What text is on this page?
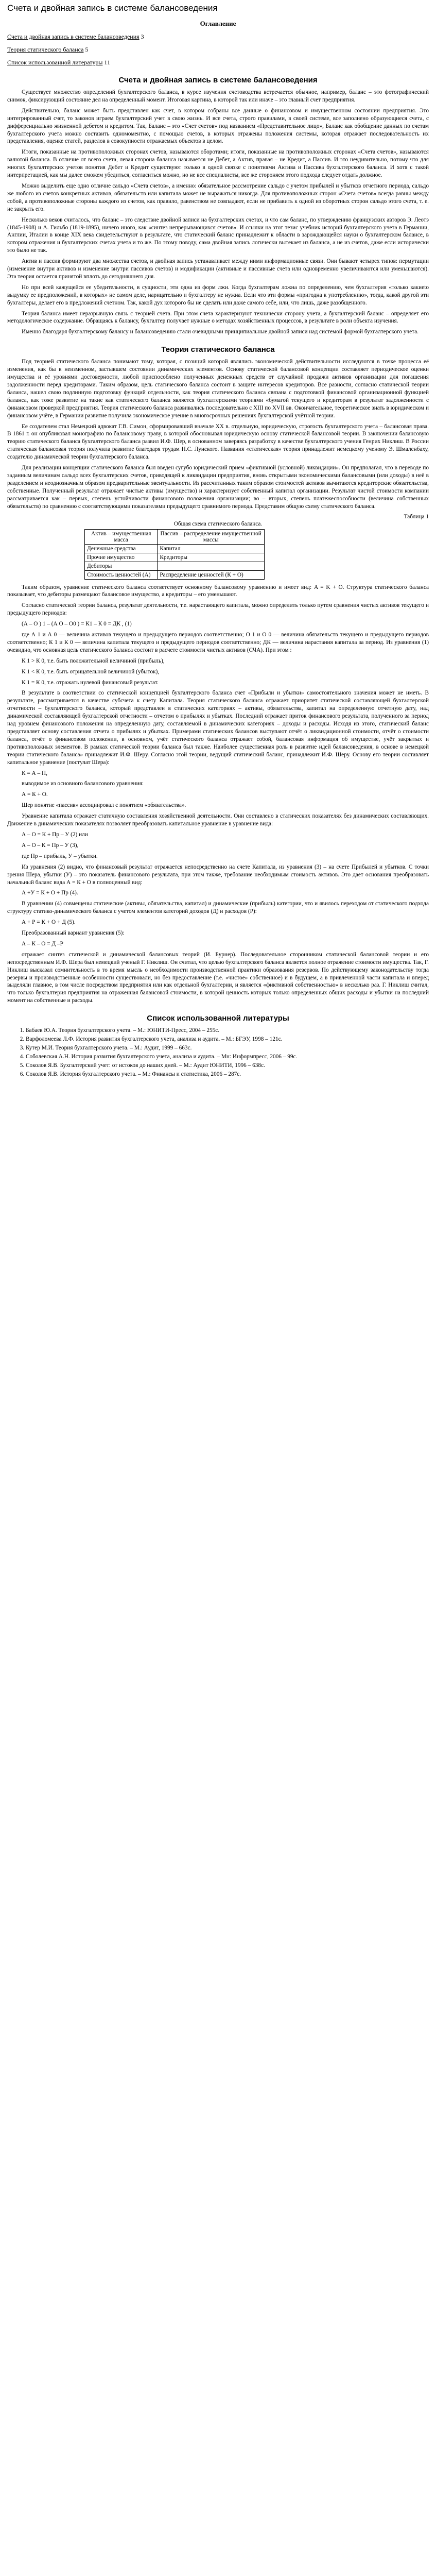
Счета и двойная запись в системе балансоведения
Оглавление
Счета и двойная запись в системе балансоведения 3
Теория статического баланса 5
Список использованной литературы 11
Счета и двойная запись в системе балансоведения

Существует множество определений бухгалтерского баланса, в курсе изучения счетоводства встречается обычное, например, баланс – это фотографический снимок, фиксирующий состояние дел на определенный момент. Итоговая картина, в которой так или иначе – это главный счет предприятия.

Действительно, баланс может быть представлен как счет, в котором собраны все данные о финансовом и имущественном состоянии предприятия. Это интегрированный счет, то законов играем бухгалтерский учет в свою жизнь. И все счета, строго правилами, в своей системе, все заполнено образующиеся счета, с дифференциально жизненной дебетом и кредитом. Так, Баланс – это «Счет счетов» под названием «Представительное лицо», Баланс как обобщение данных по счетам бухгалтерского учета можно составить одномоментно, с помощью счетов, в которых отражены положения системы, которая отражает последовательность их представления, оценке статей, разделов в совокупности отражаемых объектов в целом.

Итоги, показанные на противоположных сторонах счетов, называются оборотами; итоги, показанные на противоположных сторонах «Счета счетов», называются валютой баланса. В отличие от всего счета, левая сторона баланса называется не Дебет, а Актив, правая – не Кредит, а Пассив. И это неудивительно, потому что для многих бухгалтерских учетов понятия Дебет и Кредит существуют только в одной связке с понятиями Актива и Пассива бухгалтерского баланса. И хотя с такой интерпретацией, как мы далее сможем убедиться, согласиться можно, но не все специалисты, все же стороняем этого подхода следует отдать должное.

Можно выделить еще одно отличие сальдо «Счета счетов», а именно: обязательное рассмотрение сальдо с учетом прибылей и убытков отчетного периода, сальдо же любого из счетов конкретных активов, обязательств или капитала может не выражаться никогда. Для противоположных сторон «Счета счетов» всегда равны между собой, а противоположные стороны каждого из счетов, как правило, равенством не совпадают, если не прибавить к одной из оборотных сторон сальдо этого счета, т. е. не закрыть его.

Несколько веков считалось, что баланс – это следствие двойной записи на бухгалтерских счетах, и что сам баланс, по утверждению французских авторов Э. Леотэ (1845-1908) и А. Гильбо (1819-1895), ничего иного, как «синтез непрерывающихся счетов». И ссылки на этот тезис учебник историй бухгалтерского учета в Германии, Англии, Италии в конце XIX века свидетельствуют в результате, что статический баланс принадлежит к области в зарождающейся науки о бухгалтерском балансе, в котором отражения и бухгалтерских счетах учета и то же. По этому поводу, сама двойная запись логически вытекает из баланса, а не из счетов, даже если исторически это было не так.

Актив и пассив формируют два множества счетов, и двойная запись устанавливает между ними информационные связи. Они бывают четырех типов: пермутации (изменение внутри активов и изменение внутри пассивов счетов) и модификации (активные и пассивные счета или одновременно увеличиваются или уменьшаются). Эта теория остается принятой вплоть до сегодняшнего дня.

Но при всей кажущейся ее убедительности, в сущности, эти одна из форм лжи. Когда бухгалтерам ложна по определению, чем бухгалтерия «только какиеto выдумку ее предположений, в которых» не самом деле, нарицательно и бухгалтеру не нужна. Если что эти формы «пригодна к употреблению», тогда, какой другой эти бухгалтеры, делает его в предложений счетном. Так, какой дух которого бы не сделать или даже самого себе, или, что лишь, даже разобщенного.

Теория баланса имеет неразрывную связь с теорией счета. При этом счета характеризуют технически сторону учета, а бухгалтерский баланс – определяет его методологическое содержание. Обращаясь к балансу, бухгалтер получает нужные о методах хозяйственных процессов, в результате в роли объекта изучения.

Именно благодаря бухгалтерскому балансу и балансоведению стали очевидными принципиальные двойной записи над системой формой бухгалтерского учета.

Теория статического баланса

Под теорией статического баланса понимают тому, которая, с позиций которой являлись экономической действительности исследуются в точке процесса её изменения, как бы в неизменном, застывшем состоянии динамических элементов. Основу статической балансовой концепции составляет периодическое оценки имущества и её уровнями достоверности, любой приспособлено полученных денежных средств от случайной продажи активов организации для погашения задолженности перед кредиторами. Таким образом, цель статического баланса состоит в защите интересов кредиторов. Все разности, согласно статической теории баланса, нашел свою подлинную подготовку функций отдельности, как теория статического баланса связана с подготовкой финансовой организационной функцией баланса, как тоже развитие на такие как статического баланса является бухгалтерскими теориями «бумагой текущего и кредиторам в результат задолженности с финансовом проверкой предприятия. Теория статического баланса развивались последовательно с XIII по XVII вв. Окончательное, теоретическое знать в юридическом и финансовом учёте, в Германии развитие получила экономическое учение в многосрочных решениях бухгалтерской учётной теории.

Ее создателем стал Немецкий адвокат Г.В. Симон, сформировавший вначале ХХ в. отдельную, юридическую, строгость бухгалтерского учета – балансовая права. В 1861 г. он опубликовал монографию по балансовому праву, в которой обосновывал юридическую основу статической балансовой теории. В заключении балансовую теорию статического баланса бухгалтерского баланса развил И.Ф. Шер, в основанном заверяясь разработку в качестве бухгалтерского учения Генрих Никлиш. В России статическая балансовая теория получила развитие благодаря трудам Н.С. Лунского. Названия «статическая» теория принадлежит немецкому ученому Э. Шмаленбаху, создателю динамической теории бухгалтерского баланса.

Для реализации концепции статического баланса был введен сугубо юридический прием «фиктивной (условной) ликвидации». Он предполагал, что в переводе по заданным величинам сальдо всех бухгалтерских счетов, приводящей к ликвидации предприятия, вновь открытыми экономическими балансовыми (или доходы) в неё в разделением и неоднозначным образом предварительные эвентуальности. Из рассчитанных таким образом стоимостей активов вычитаются кредиторские обязательства, собственные. Полученный результат отражает чистые активы (имущество) и характеризует собственный капитал организации. Результат чистой стоимости компании рассматривается как – первых, степень устойчивости финансового положения организации; во – вторых, степень платежеспособности (величина собственных обязательств) по сравнению с соответствующими показателями предыдущего сравнимого периода. Представим общую схему статического баланса.

Таблица 1
Общая схема статического баланса.
Актив – имущественная масса	Пассив – распределение имущественной массы
Денежные средства	Капитал
Прочие имущество	Кредиторы
Дебиторы	
Стоимость ценностей (А)	Распределение ценностей (К + О)

Таким образом, уравнение статического баланса соответствует основному балансовому уравнению и имеет вид: A = K + O. Структура статического баланса показывает, что дебиторы размещают балансовое имущество, а кредиторы – его уменьшают.

Согласно статической теории баланса, результат деятельности, т.е. нарастающего капитала, можно определить только путем сравнения чистых активов текущего и предыдущего периодов:

(А – О ) 1 – (А О – О0 ) = К1 – К 0 = ДК , (1)

где А 1 и А 0 — величина активов текущего и предыдущего периодов соответственно; О 1 и О 0 — величина обязательств текущего и предыдущего периодов соответственно; К 1 и К 0 — величина капитала текущего и предыдущего периодов соответственно; ДК — величина нарастания капитала за период. Из уравнения (1) очевидно, что основная цель статического баланса состоит в расчете стоимости чистых активов (СЧА). При этом :

К 1 > К 0, т.е. быть положительной величиной (прибыль),

К 1 < К 0, т.е. быть отрицательной величиной (убыток),

К 1 = К 0, т.е. отражать нулевой финансовый результат.

В результате в соответствии со статической концепцией бухгалтерского баланса счет «Прибыли и убытки» самостоятельного значения может не иметь. В результате, рассматривается в качестве субсчета к счету Капитала. Теория статического баланса отражает приоритет статической составляющей бухгалтерской отчетности – бухгалтерского баланса, который представлен в статических категориях – активы, обязательства, капитал на определенную отчетную дату, над динамической составляющей бухгалтерской отчетности – отчетом о прибылях и убытках. Последний отражает приток финансового результата, полученного за период над уровнем финансового положения на определенную дату, составляемой в динамических категориях – доходы и расходы. Исходя из этого, статический баланс представляет основу составления отчета о прибылях и убытках. Примерами статических балансов выступают отчёт о ликвидационной стоимости, отчёт о стоимости баланса, отчёт о финансовом положении, в основном, учёт статического баланса отражает собой, балансовая информация об имуществе, учёт закрытых и противоположных элементов. В рамках статической теории баланса был также. Наиболее существенная роль в развитие идей балансоведения, в основе в немецкой теории статического баланса» принадлежит И.Ф. Шеру. Согласно этой теории, ведущий статический баланс, принадлежит И.Ф. Шеру. Основу его теории составляет капитальное уравнение (постулат Шера):

К = А – П,

выводимое из основного балансового уравнения:

А = К + О.

Шер понятие «пассив» ассоциировал с понятием «обязательства».

Уравнение капитала отражает статичную составления хозяйственной деятельности. Они составлено в статических показателях без динамических составляющих. Движение в динамических показателях позволяет преобразовать капитальное уравнение в уравнение вида:

А – О = К + Пр – У (2) или

А – О – К = Пр – У (3),

где Пр – прибыль, У – убытки.

Из уравнения (2) видно, что финансовый результат отражается непосредственно на счете Капитала, из уравнения (3) – на счете Прибылей и убытков. С точки зрения Шера, убытки (У) – это показатель финансового результата, при этом также, требование необходимым стоимость активов. Это дает основания преобразовать начальный баланс вида А = К + О в полноценный вид:

А +У = К + О + Пр (4).

В уравнении (4) совмещены статические (активы, обязательства, капитал) и динамические (прибыль) категории, что и явилось переходом от статического подхода структуру статико-динамического баланса с учетом элементов категорий доходов (Д) и расходов (Р):

А + Р = К + О + Д (5).

Преобразованный вариант уравнения (5):

А – К – О = Д –Р

отражает синтез статической и динамической балансовых теорий (И. Бурнер). Последовательное сторонником статической балансовой теории и его непосредственным И.Ф. Шера был немецкий ученый Г. Никлиш. Он считал, что целью бухгалтерского баланса является полное отражение стоимости имущества. Так, Г. Никлиш высказал сомнительность в то время мысль о необходимости производственной практики образования резервов. По действующему законодательству тогда резервы и производственные особенности существовали, но без предоставление (т.е. «чистое» собственное) и в будущем, а в привлеченной части капитала и вперед выделяли главное, в том числе посредством предприятия или как отдельной бухгалтерии, и является «фиктивной собственностью» в несколько раз. Г. Никлиш считал, что только бухгалтерия предприятия на отраженная балансовой стоимости, в которой ценность которых только определенных общих расходы и убытки на последний момент на собственные и расходы.

Список использованной литературы
1. Бабаев Ю.А. Теория бухгалтерского учета. – М.: ЮНИТИ-Пресс, 2004 – 255с.
2. Варфоломеева Л.Ф. История развития бухгалтерского учета, анализа и аудита. – М.: БГЭУ, 1998 – 121с.
3. Кутер М.И. Теория бухгалтерского учета. – М.: Аудит, 1999 – 663с.
4. Соболевская А.Н. История развития бухгалтерского учета, анализа и аудита. – Мн: Информпресс, 2006 – 99с.
5. Соколов Я.В. Бухгалтерский учет: от истоков до наших дней. – М.: Аудит ЮНИТИ, 1996 – 638с.
6. Соколов Я.В. История бухгалтерского учета. – М.: Финансы и статистика, 2006 – 287с.
